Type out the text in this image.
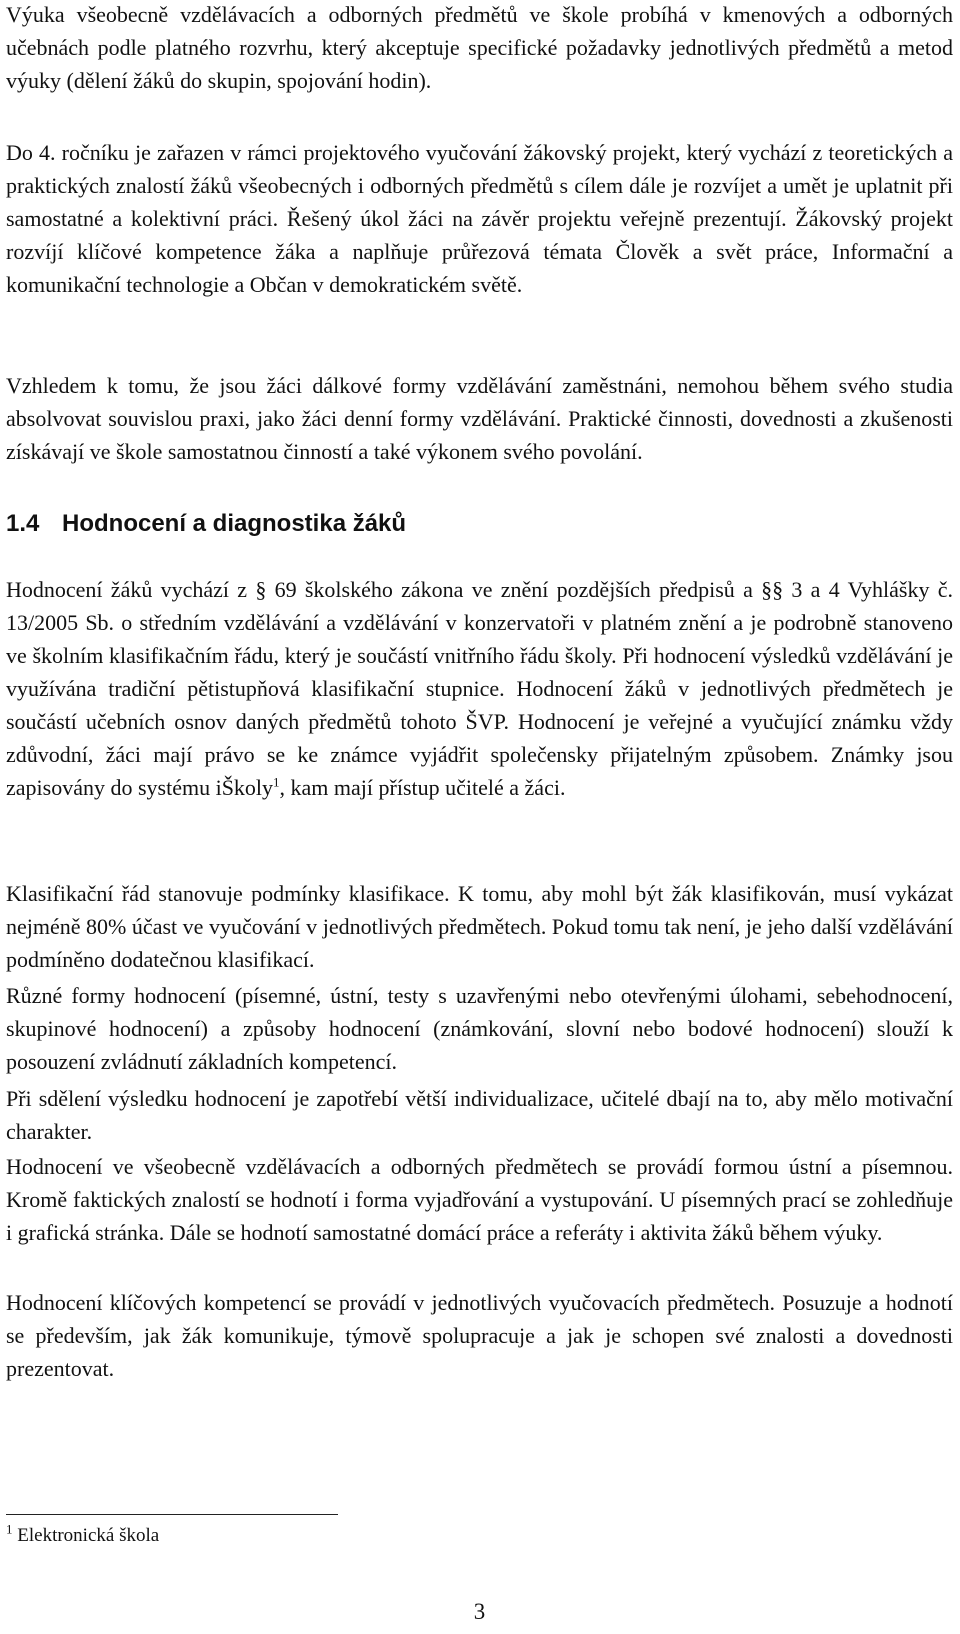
Výuka všeobecně vzdělávacích a odborných předmětů ve škole probíhá v kmenových a odborných učebnách podle platného rozvrhu, který akceptuje specifické požadavky jednotlivých předmětů a metod výuky (dělení žáků do skupin, spojování hodin).

Do 4. ročníku je zařazen v rámci projektového vyučování žákovský projekt, který vychází z teoretických a praktických znalostí žáků všeobecných i odborných předmětů s cílem dále je rozvíjet a umět je uplatnit při samostatné a kolektivní práci. Řešený úkol žáci na závěr projektu veřejně prezentují. Žákovský projekt rozvíjí klíčové kompetence žáka a naplňuje průřezová témata Člověk a svět práce, Informační a komunikační technologie a Občan v demokratickém světě.

Vzhledem k tomu, že jsou žáci dálkové formy vzdělávání zaměstnáni, nemohou během svého studia absolvovat souvislou praxi, jako žáci denní formy vzdělávání. Praktické činnosti, dovednosti a zkušenosti získávají ve škole samostatnou činností a také výkonem svého povolání.

1.4 Hodnocení a diagnostika žáků

Hodnocení žáků vychází z § 69 školského zákona ve znění pozdějších předpisů a §§ 3 a 4 Vyhlášky č. 13/2005 Sb. o středním vzdělávání a vzdělávání v konzervatoři v platném znění a je podrobně stanoveno ve školním klasifikačním řádu, který je součástí vnitřního řádu školy. Při hodnocení výsledků vzdělávání je využívána tradiční pětistupňová klasifikační stupnice. Hodnocení žáků v jednotlivých předmětech je součástí učebních osnov daných předmětů tohoto ŠVP. Hodnocení je veřejné a vyučující známku vždy zdůvodní, žáci mají právo se ke známce vyjádřit společensky přijatelným způsobem. Známky jsou zapisovány do systému iŠkoly$^1$, kam mají přístup učitelé a žáci.

Klasifikační řád stanovuje podmínky klasifikace. K tomu, aby mohl být žák klasifikován, musí vykázat nejméně 80% účast ve vyučování v jednotlivých předmětech. Pokud tomu tak není, je jeho další vzdělávání podmíněno dodatečnou klasifikací.

Různé formy hodnocení (písemné, ústní, testy s uzavřenými nebo otevřenými úlohami, sebehodnocení, skupinové hodnocení) a způsoby hodnocení (známkování, slovní nebo bodové hodnocení) slouží k posouzení zvládnutí základních kompetencí.

Při sdělení výsledku hodnocení je zapotřebí větší individualizace, učitelé dbají na to, aby mělo motivační charakter.

Hodnocení ve všeobecně vzdělávacích a odborných předmětech se provádí formou ústní a písemnou. Kromě faktických znalostí se hodnotí i forma vyjadřování a vystupování. U písemných prací se zohledňuje i grafická stránka. Dále se hodnotí samostatné domácí práce a referáty i aktivita žáků během výuky.

Hodnocení klíčových kompetencí se provádí v jednotlivých vyučovacích předmětech. Posuzuje a hodnotí se především, jak žák komunikuje, týmově spolupracuje a jak je schopen své znalosti a dovednosti prezentovat.

$^1$ Elektronická škola
3
